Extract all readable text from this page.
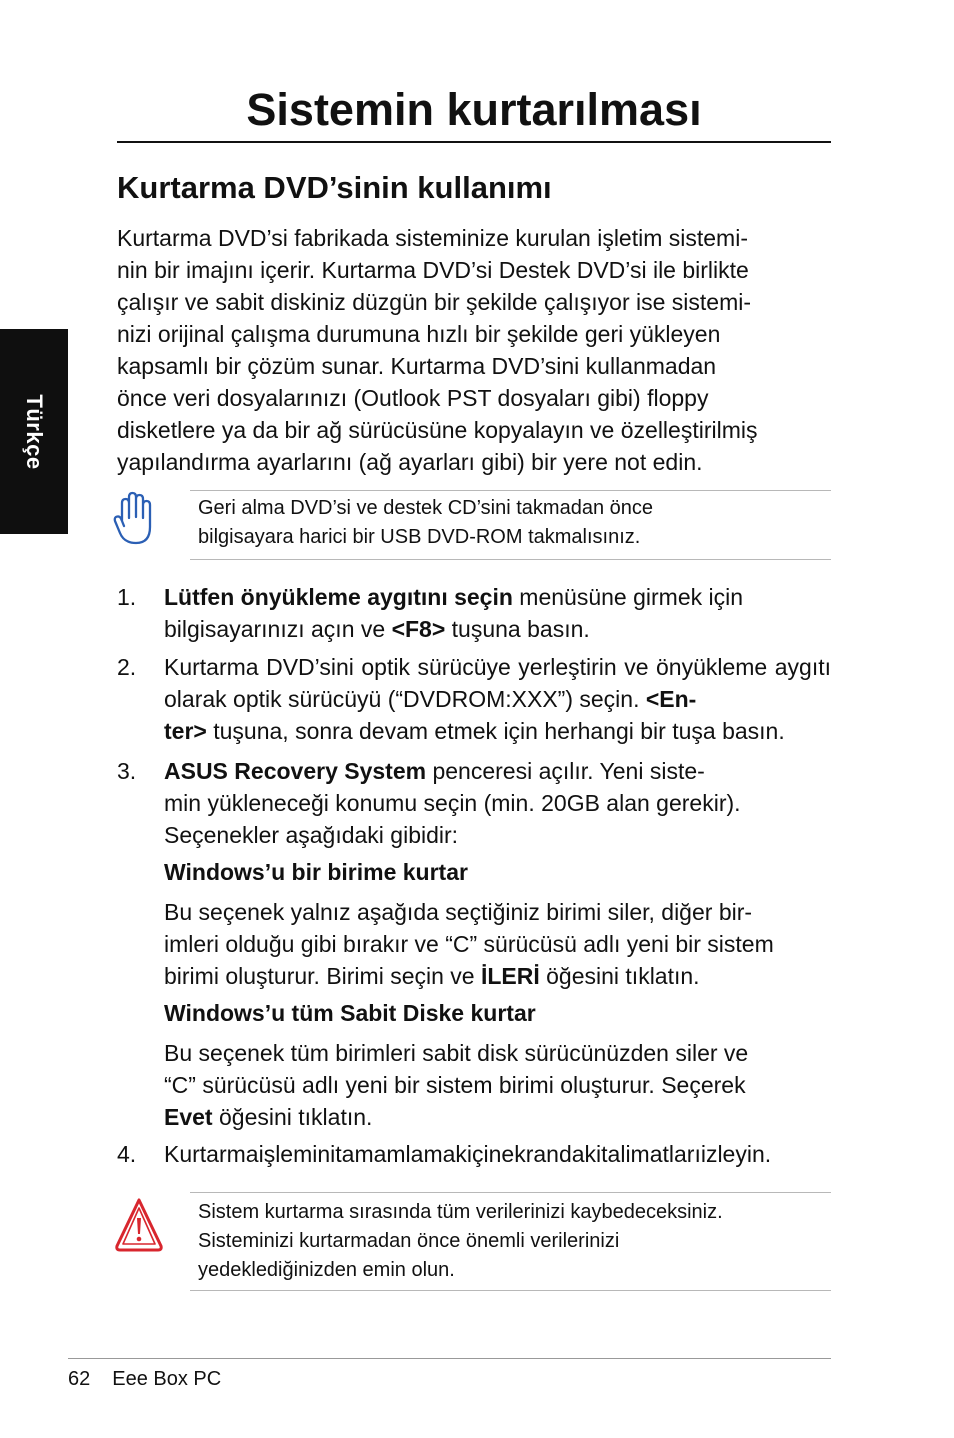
Türkçe
Sistemin kurtarılması
Kurtarma DVD’sinin kullanımı
Kurtarma DVD’si fabrikada sisteminize kurulan işletim sistemi-
nin bir imajını içerir. Kurtarma DVD’si Destek DVD’si ile birlikte
çalışır ve sabit diskiniz düzgün bir şekilde çalışıyor ise sistemi-
nizi orijinal çalışma durumuna hızlı bir şekilde geri yükleyen
kapsamlı bir çözüm sunar. Kurtarma DVD’sini kullanmadan
önce veri dosyalarınızı (Outlook PST dosyaları gibi) floppy
disketlere ya da bir ağ sürücüsüne kopyalayın ve özelleştirilmiş
yapılandırma ayarlarını (ağ ayarları gibi) bir yere not edin.
Geri alma DVD’si ve destek CD’sini takmadan önce
bilgisayara harici bir USB DVD-ROM takmalısınız.
1. Lütfen önyükleme aygıtını seçin menüsüne girmek için
bilgisayarınızı açın ve <F8> tuşuna basın.
2. Kurtarma DVD’sini optik sürücüye yerleştirin ve önyükleme aygıtı olarak optik sürücüyü (“DVDROM:XXX”) seçin. <En-
ter> tuşuna, sonra devam etmek için herhangi bir tuşa basın.

3. ASUS Recovery System penceresi açılır. Yeni siste-
min yükleneceği konumu seçin (min. 20GB alan gerekir).
Seçenekler aşağıdaki gibidir:
Windows’u bir birime kurtar
Bu seçenek yalnız aşağıda seçtiğiniz birimi siler, diğer bir-
imleri olduğu gibi bırakır ve “C” sürücüsü adlı yeni bir sistem
birimi oluşturur. Birimi seçin ve İLERİ öğesini tıklatın.
Windows’u tüm Sabit Diske kurtar
Bu seçenek tüm birimleri sabit disk sürücünüzden siler ve
“C” sürücüsü adlı yeni bir sistem birimi oluşturur. Seçerek
Evet öğesini tıklatın.
4. Kurtarmaişleminitamamlamakiçinekrandakitalimatlarıizleyin.
Sistem kurtarma sırasında tüm verilerinizi kaybedeceksiniz.
Sisteminizi kurtarmadan önce önemli verilerinizi
yedeklediğinizden emin olun.
62 Eee Box PC
